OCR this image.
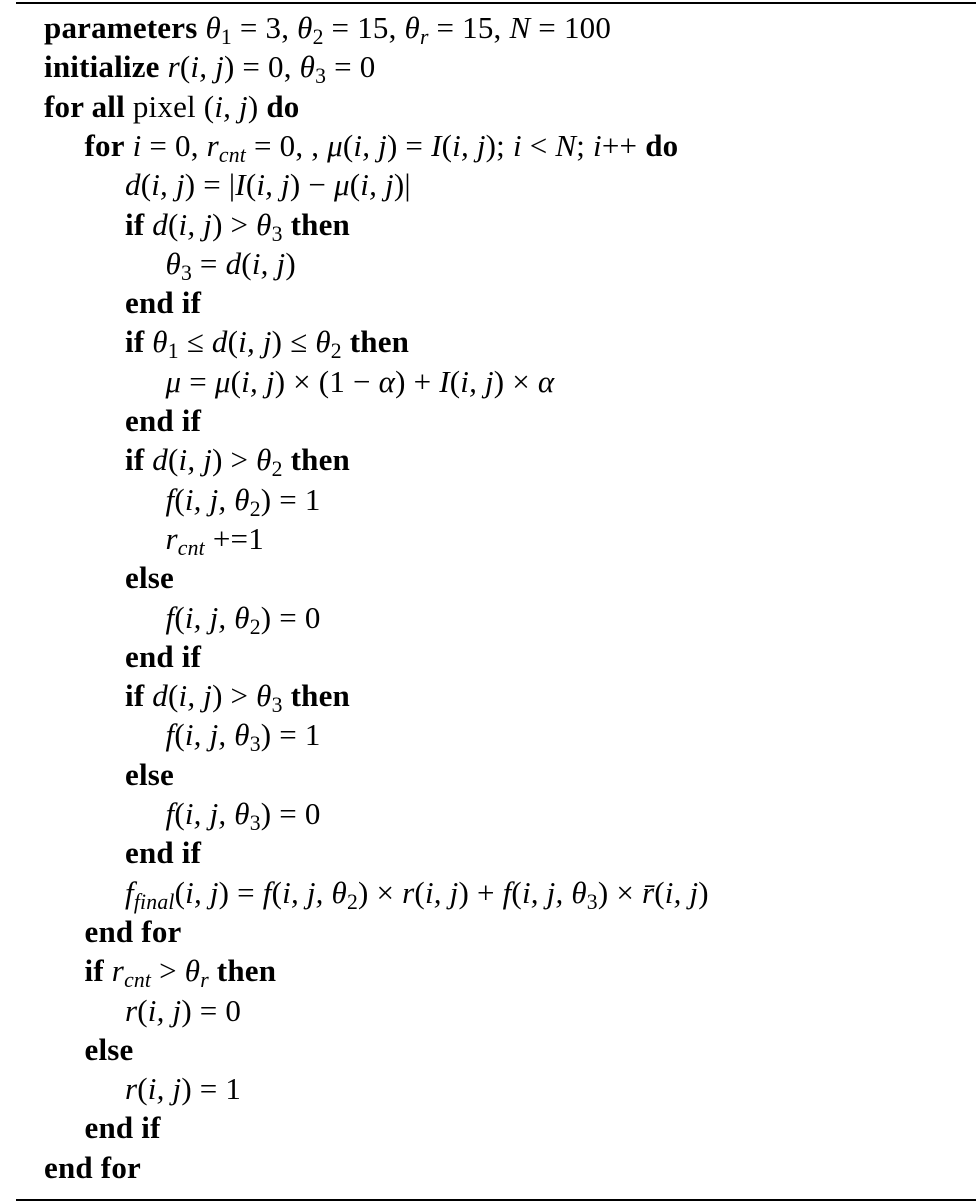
parameters $\theta_1 = 3$, $\theta_2 = 15$, $\theta_r = 15$, N = 100
initialize r(i, j) = 0, $\theta_3 = 0$
for all pixel (i, j) do
for i = 0, $r_{cnt} = 0$, , μ(i, j) = I(i, j); i < N; i++ do
d(i, j) = |I(i, j) − μ(i, j)|
if d(i, $j) > \theta_3$ then
$\theta_3 = d(i$, j)
end if
if $\theta_1 \le d(i$, $j) \le \theta_2$ then
μ = μ(i, j) × (1 − α) + I(i, j) × α
end if
if d(i, $j) > \theta_2$ then
f(i, j, $\theta_2) = 1$
$r_{cnt} +=1$
else
f(i, j, $\theta_2) = 0$
end if
if d(i, $j) > \theta_3$ then
f(i, j, $\theta_3) = 1$
else
f(i, j, $\theta_3) = 0$
end if
$f_{final}(i$, j) = f(i, j, $\theta_2) \times r(i$, j) + f(i, j, $\theta_3$) × r̄(i, j)
end for
if $r_{cnt} > \theta_r$ then
r(i, j) = 0
else
r(i, j) = 1
end if
end for
